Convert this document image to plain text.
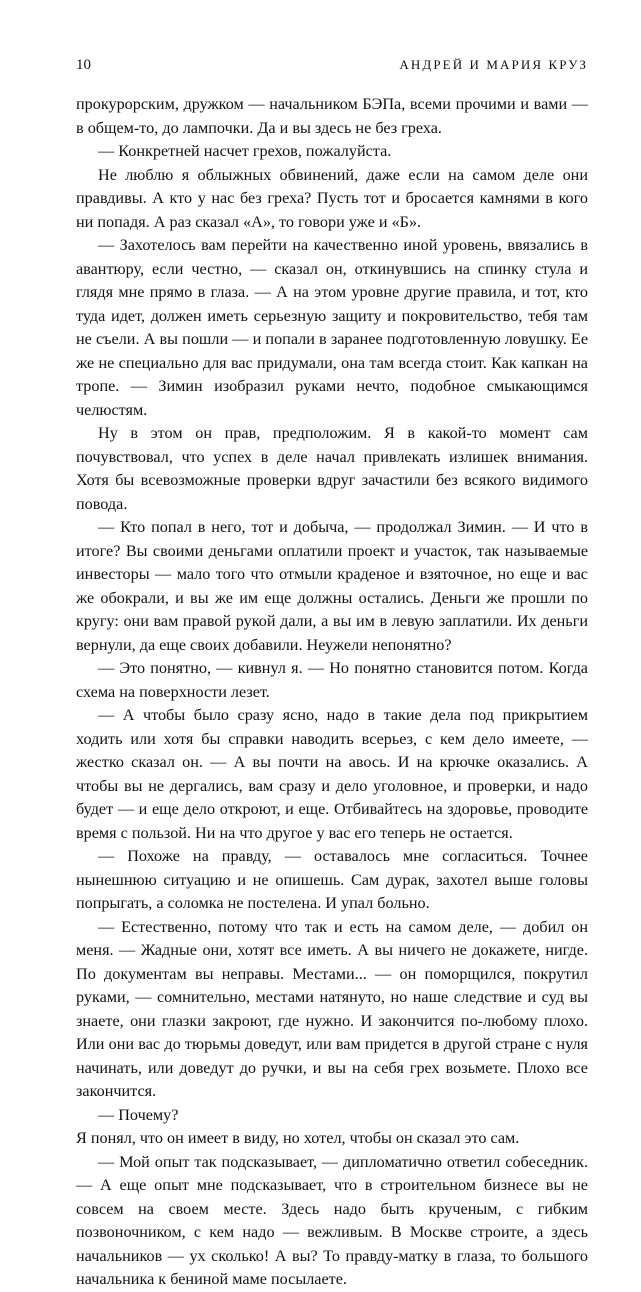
10	АНДРЕЙ И МАРИЯ КРУЗ

прокурорским, дружком — начальником БЭПа, всеми прочими и вами — в общем-то, до лампочки. Да и вы здесь не без греха.

— Конкретней насчет грехов, пожалуйста.

Не люблю я облыжных обвинений, даже если на самом деле они правдивы. А кто у нас без греха? Пусть тот и бросается камнями в кого ни попадя. А раз сказал «А», то говори уже и «Б».

— Захотелось вам перейти на качественно иной уровень, ввязались в авантюру, если честно, — сказал он, откинувшись на спинку стула и глядя мне прямо в глаза. — А на этом уровне другие правила, и тот, кто туда идет, должен иметь серьезную защиту и покровительство, тебя там не съели. А вы пошли — и попали в заранее подготовленную ловушку. Ее же не специально для вас придумали, она там всегда стоит. Как капкан на тропе. — Зимин изобразил руками нечто, подобное смыкающимся челюстям.

Ну в этом он прав, предположим. Я в какой-то момент сам почувствовал, что успех в деле начал привлекать излишек внимания. Хотя бы всевозможные проверки вдруг зачастили без всякого видимого повода.

— Кто попал в него, тот и добыча, — продолжал Зимин. — И что в итоге? Вы своими деньгами оплатили проект и участок, так называемые инвесторы — мало того что отмыли краденое и взяточное, но еще и вас же обокрали, и вы же им еще должны остались. Деньги же прошли по кругу: они вам правой рукой дали, а вы им в левую заплатили. Их деньги вернули, да еще своих добавили. Неужели непонятно?

— Это понятно, — кивнул я. — Но понятно становится потом. Когда схема на поверхности лезет.

— А чтобы было сразу ясно, надо в такие дела под прикрытием ходить или хотя бы справки наводить всерьез, с кем дело имеете, — жестко сказал он. — А вы почти на авось. И на крючке оказались. А чтобы вы не дергались, вам сразу и дело уголовное, и проверки, и надо будет — и еще дело откроют, и еще. Отбивайтесь на здоровье, проводите время с пользой. Ни на что другое у вас его теперь не остается.

— Похоже на правду, — оставалось мне согласиться. Точнее нынешнюю ситуацию и не опишешь. Сам дурак, захотел выше головы попрыгать, а соломка не постелена. И упал больно.

— Естественно, потому что так и есть на самом деле, — добил он меня. — Жадные они, хотят все иметь. А вы ничего не докажете, нигде. По документам вы неправы. Местами... — он поморщился, покрутил руками, — сомнительно, местами натянуто, но наше следствие и суд вы знаете, они глазки закроют, где нужно. И закончится по-любому плохо. Или они вас до тюрьмы доведут, или вам придется в другой стране с нуля начинать, или доведут до ручки, и вы на себя грех возьмете. Плохо все закончится.

— Почему?

Я понял, что он имеет в виду, но хотел, чтобы он сказал это сам.

— Мой опыт так подсказывает, — дипломатично ответил собеседник. — А еще опыт мне подсказывает, что в строительном бизнесе вы не совсем на своем месте. Здесь надо быть крученым, с гибким позвоночником, с кем надо — вежливым. В Москве строите, а здесь начальников — ух сколько! А вы? То правду-матку в глаза, то большого начальника к бениной маме посылаете.
